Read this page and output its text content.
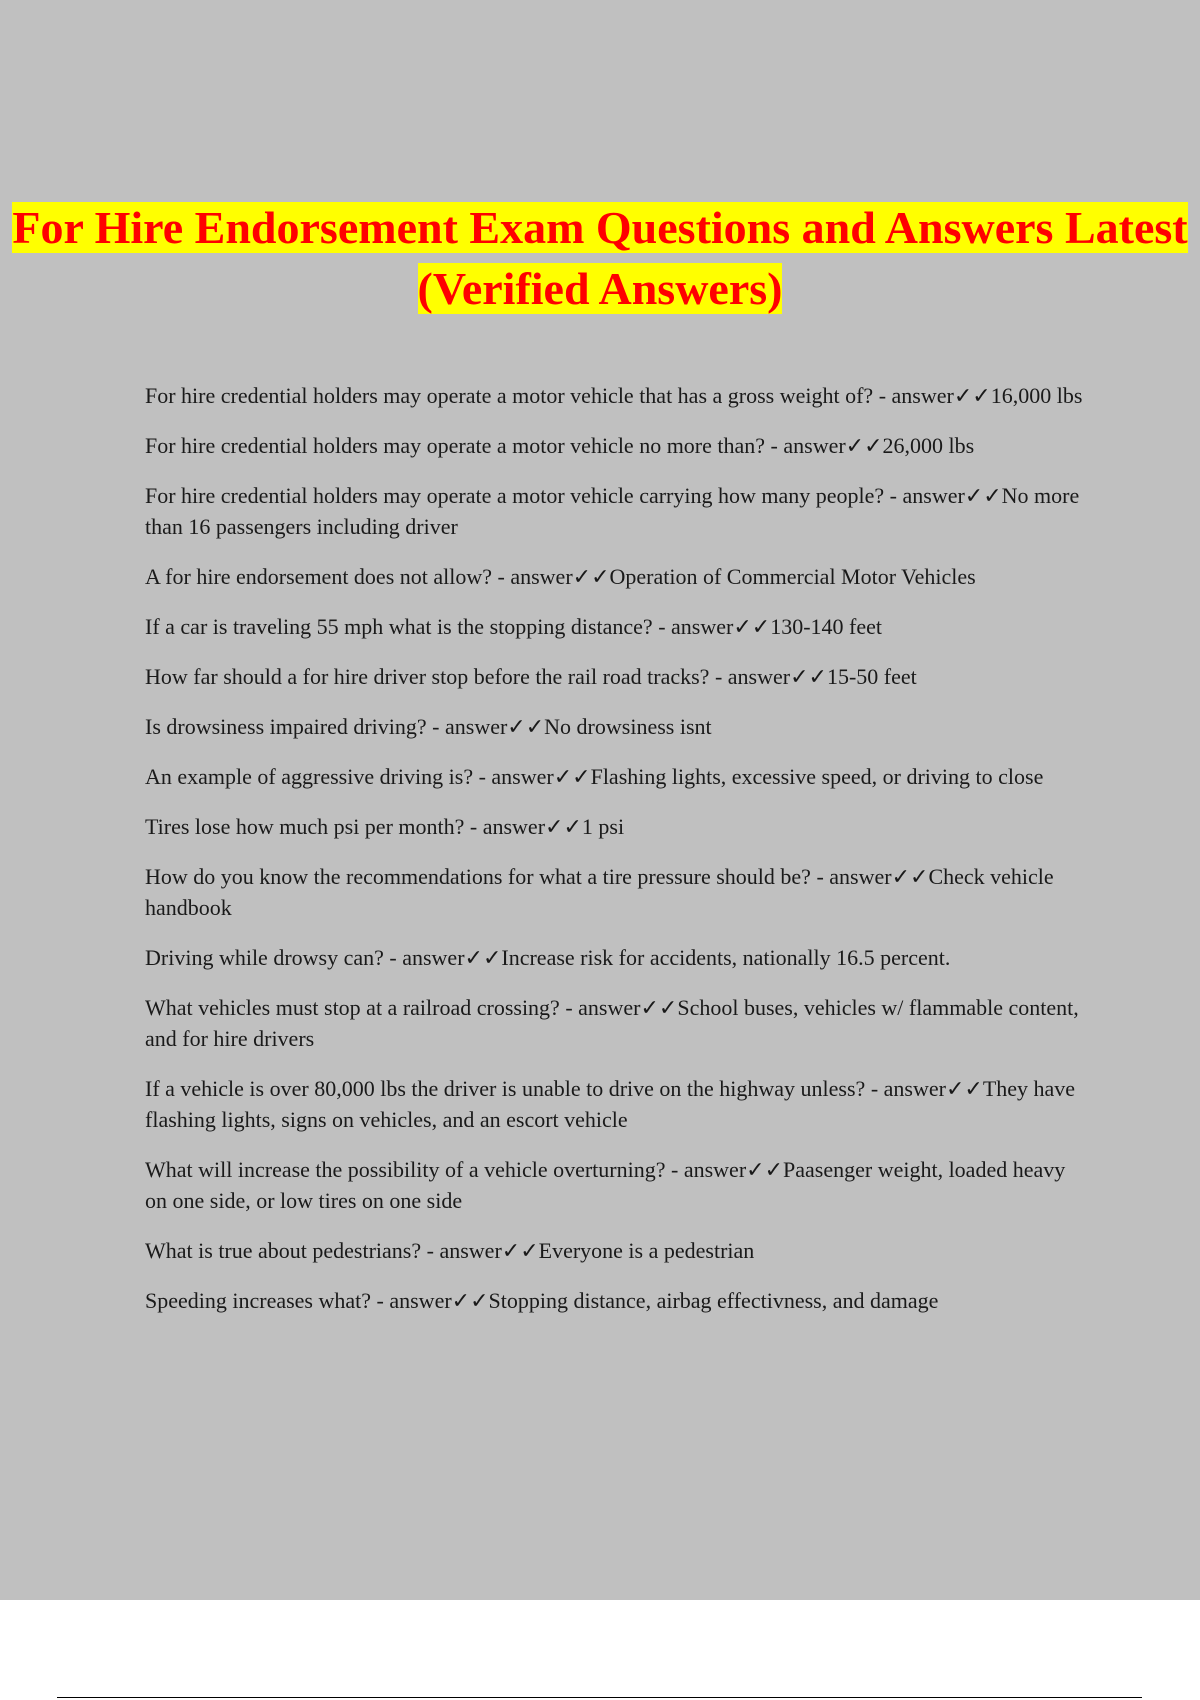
For Hire Endorsement Exam Questions and Answers Latest (Verified Answers)
For hire credential holders may operate a motor vehicle that has a gross weight of? - answer✓✓16,000 lbs
For hire credential holders may operate a motor vehicle no more than? - answer✓✓26,000 lbs
For hire credential holders may operate a motor vehicle carrying how many people? - answer✓✓No more than 16 passengers including driver
A for hire endorsement does not allow? - answer✓✓Operation of Commercial Motor Vehicles
If a car is traveling 55 mph what is the stopping distance? - answer✓✓130-140 feet
How far should a for hire driver stop before the rail road tracks? - answer✓✓15-50 feet
Is drowsiness impaired driving? - answer✓✓No drowsiness isnt
An example of aggressive driving is? - answer✓✓Flashing lights, excessive speed, or driving to close
Tires lose how much psi per month? - answer✓✓1 psi
How do you know the recommendations for what a tire pressure should be? - answer✓✓Check vehicle handbook
Driving while drowsy can? - answer✓✓Increase risk for accidents, nationally 16.5 percent.
What vehicles must stop at a railroad crossing? - answer✓✓School buses, vehicles w/ flammable content, and for hire drivers
If a vehicle is over 80,000 lbs the driver is unable to drive on the highway unless? - answer✓✓They have flashing lights, signs on vehicles, and an escort vehicle
What will increase the possibility of a vehicle overturning? - answer✓✓Paasenger weight, loaded heavy on one side, or low tires on one side
What is true about pedestrians? - answer✓✓Everyone is a pedestrian
Speeding increases what? - answer✓✓Stopping distance, airbag effectivness, and damage
